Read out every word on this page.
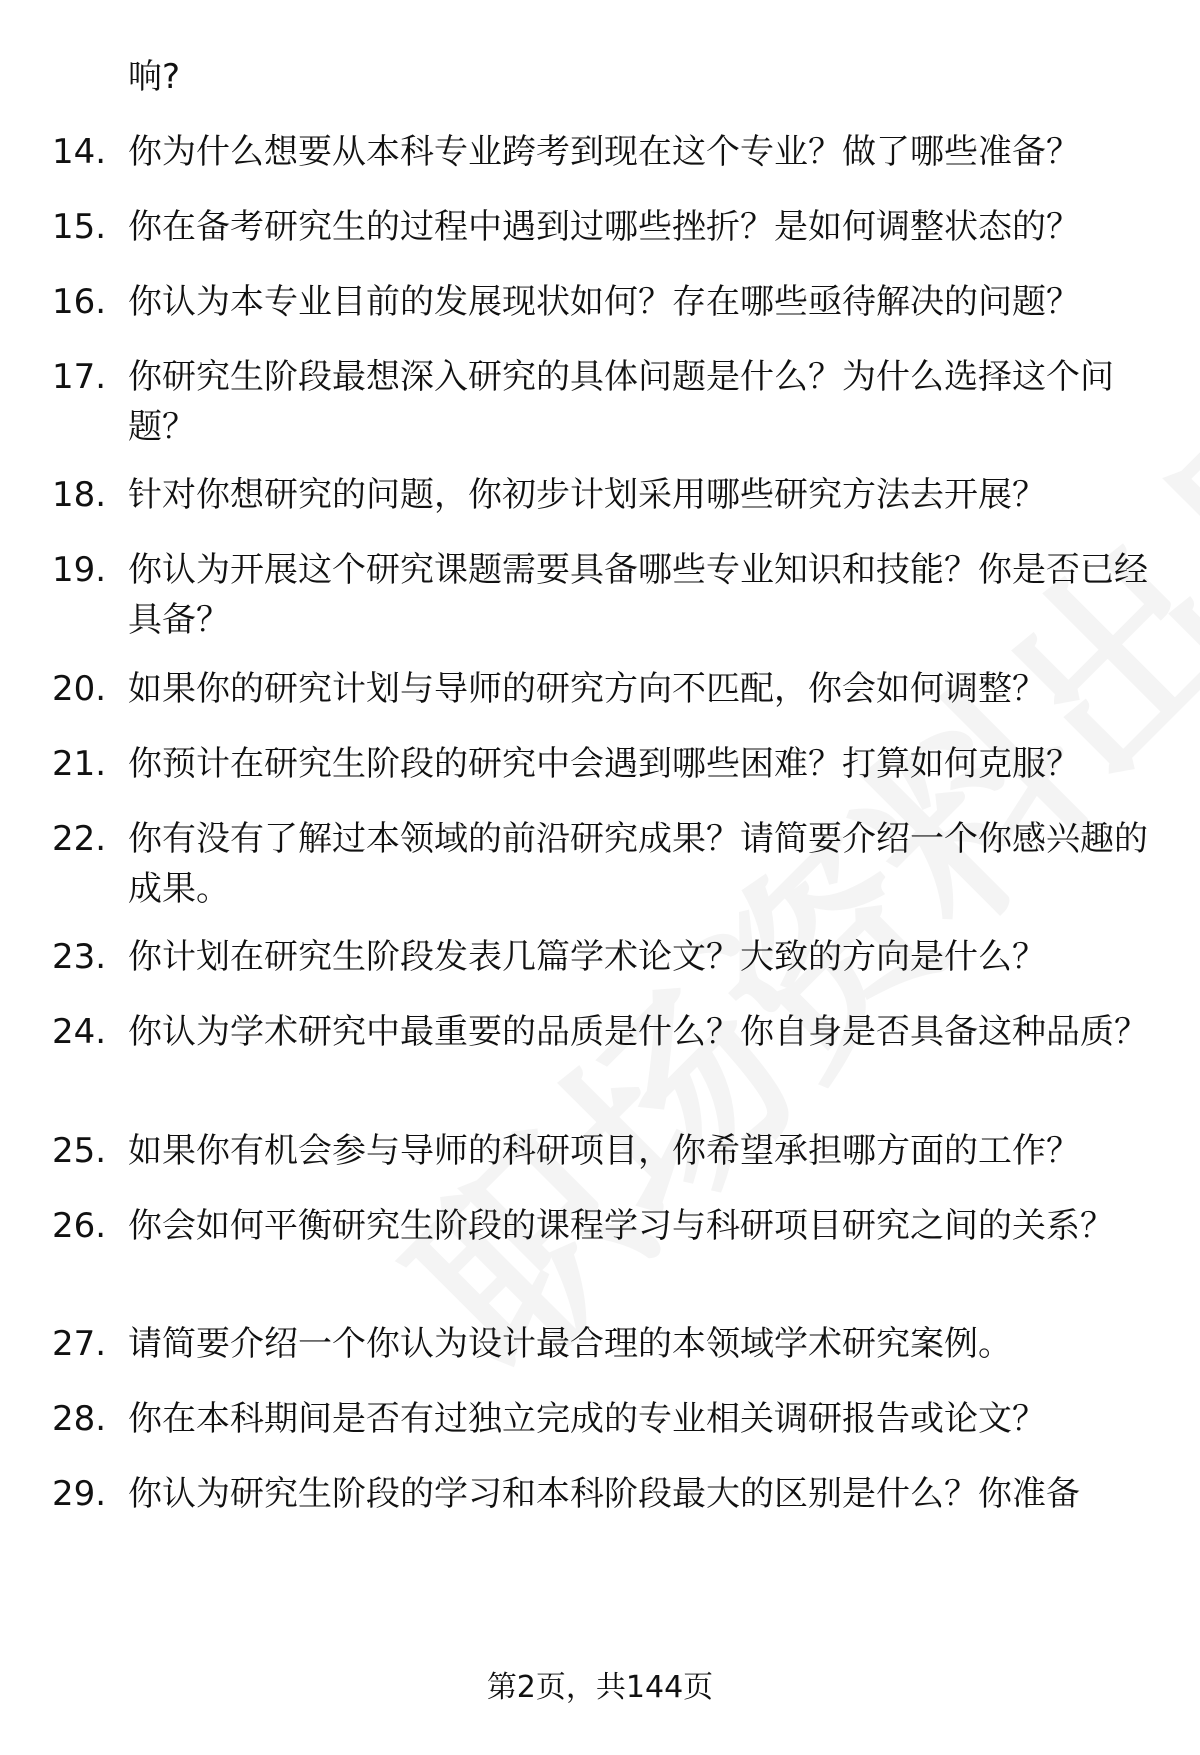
响?
14. 你为什么想要从本科专业跨考到现在这个专业？做了哪些准备？
15. 你在备考研究生的过程中遇到过哪些挫折？是如何调整状态的？
16. 你认为本专业目前的发展现状如何？存在哪些亟待解决的问题？
17. 你研究生阶段最想深入研究的具体问题是什么？为什么选择这个问题？
18. 针对你想研究的问题，你初步计划采用哪些研究方法去开展？
19. 你认为开展这个研究课题需要具备哪些专业知识和技能？你是否已经具备？
20. 如果你的研究计划与导师的研究方向不匹配，你会如何调整？
21. 你预计在研究生阶段的研究中会遇到哪些困难？打算如何克服？
22. 你有没有了解过本领域的前沿研究成果？请简要介绍一个你感兴趣的成果。
23. 你计划在研究生阶段发表几篇学术论文？大致的方向是什么？
24. 你认为学术研究中最重要的品质是什么？你自身是否具备这种品质？
25. 如果你有机会参与导师的科研项目，你希望承担哪方面的工作？
26. 你会如何平衡研究生阶段的课程学习与科研项目研究之间的关系？
27. 请简要介绍一个你认为设计最合理的本领域学术研究案例。
28. 你在本科期间是否有过独立完成的专业相关调研报告或论文？
29. 你认为研究生阶段的学习和本科阶段最大的区别是什么？你准备
第2页，共144页
